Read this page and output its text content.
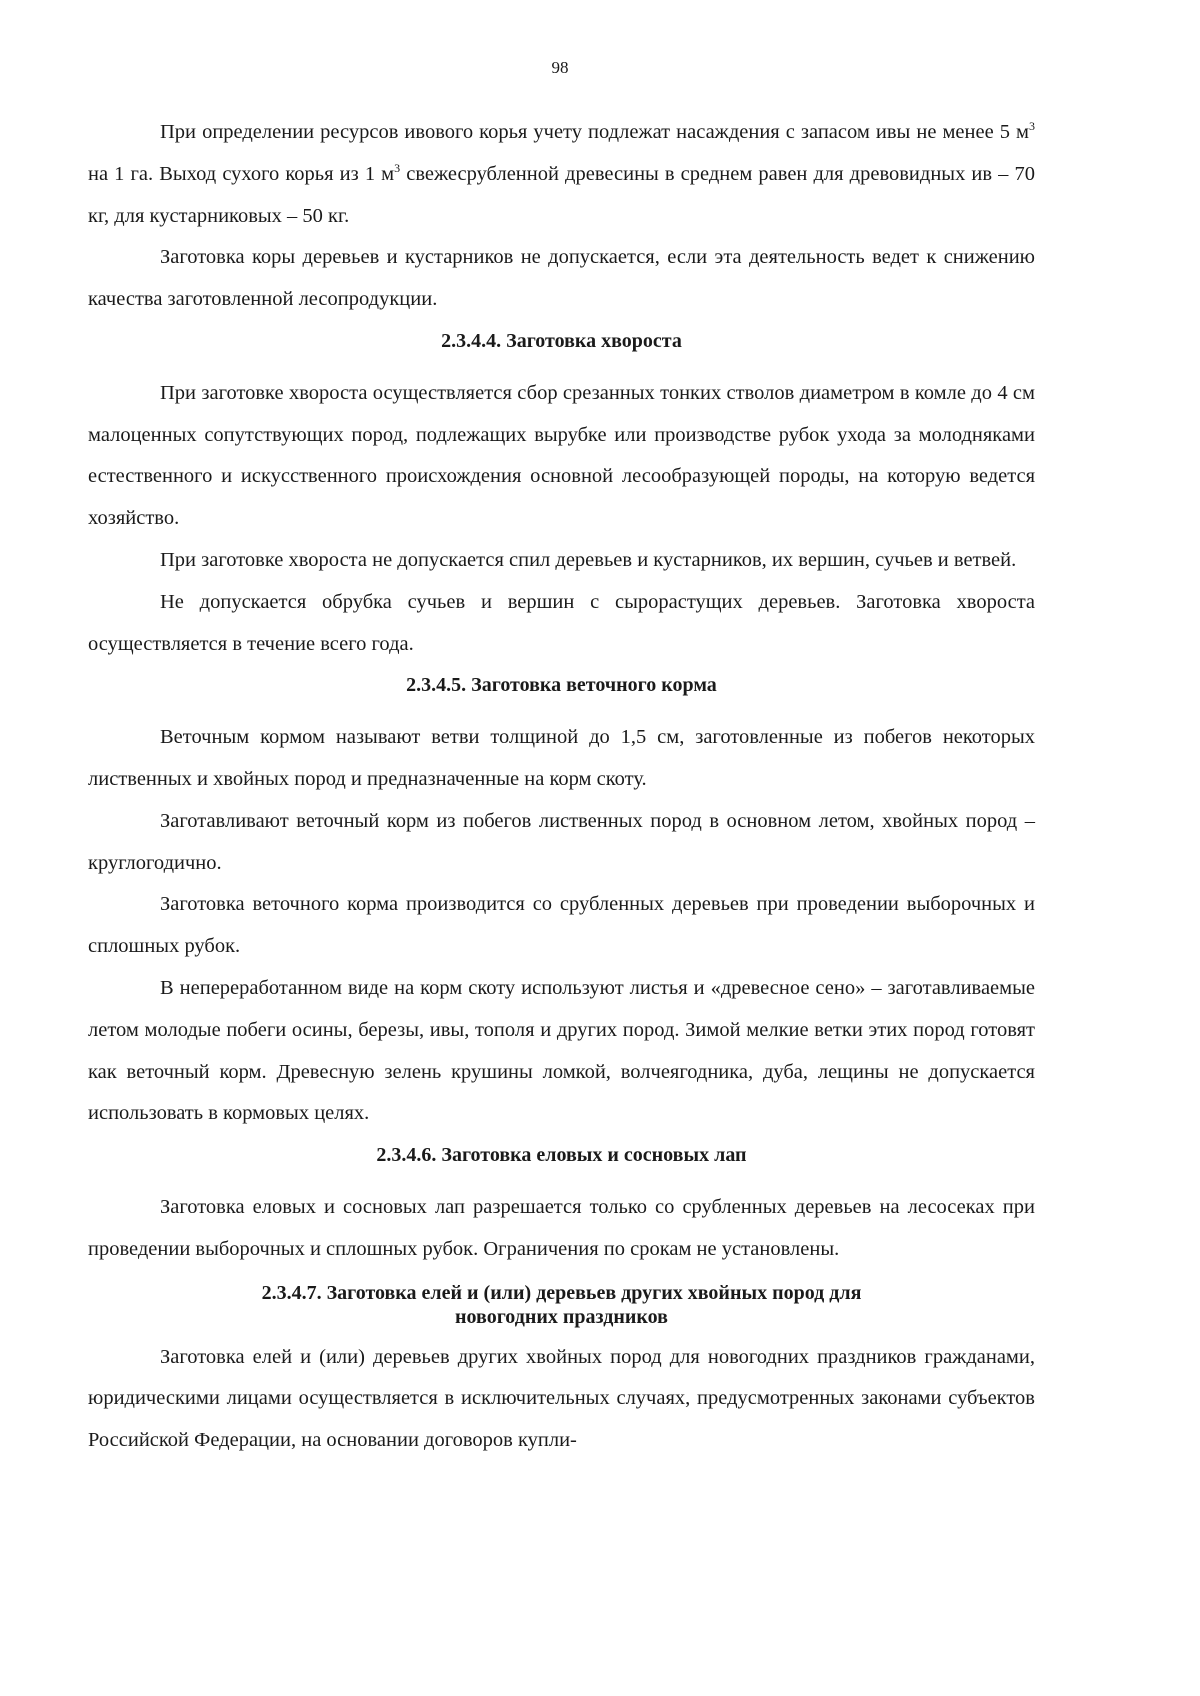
98

При определении ресурсов ивового корья учету подлежат насаждения с запасом ивы не менее 5 $м^3$ на 1 га. Выход сухого корья из 1 $м^3$ свежесрубленной древесины в среднем равен для древовидных ив – 70 кг, для кустарниковых – 50 кг.

Заготовка коры деревьев и кустарников не допускается, если эта деятельность ведет к снижению качества заготовленной лесопродукции.

2.3.4.4. Заготовка хвороста

При заготовке хвороста осуществляется сбор срезанных тонких стволов диаметром в комле до 4 см малоценных сопутствующих пород, подлежащих вырубке или производстве рубок ухода за молодняками естественного и искусственного происхождения основной лесообразующей породы, на которую ведется хозяйство.

При заготовке хвороста не допускается спил деревьев и кустарников, их вершин, сучьев и ветвей.

Не допускается обрубка сучьев и вершин с сырорастущих деревьев. Заготовка хвороста осуществляется в течение всего года.

2.3.4.5. Заготовка веточного корма

Веточным кормом называют ветви толщиной до 1,5 см, заготовленные из побегов некоторых лиственных и хвойных пород и предназначенные на корм скоту.

Заготавливают веточный корм из побегов лиственных пород в основном летом, хвойных пород – круглогодично.

Заготовка веточного корма производится со срубленных деревьев при проведении выборочных и сплошных рубок.

В непереработанном виде на корм скоту используют листья и «древесное сено» – заготавливаемые летом молодые побеги осины, березы, ивы, тополя и других пород. Зимой мелкие ветки этих пород готовят как веточный корм. Древесную зелень крушины ломкой, волчеягодника, дуба, лещины не допускается использовать в кормовых целях.

2.3.4.6. Заготовка еловых и сосновых лап

Заготовка еловых и сосновых лап разрешается только со срубленных деревьев на лесосеках при проведении выборочных и сплошных рубок. Ограничения по срокам не установлены.

2.3.4.7. Заготовка елей и (или) деревьев других хвойных пород для
новогодних праздников

Заготовка елей и (или) деревьев других хвойных пород для новогодних праздников гражданами, юридическими лицами осуществляется в исключительных случаях, предусмотренных законами субъектов Российской Федерации, на основании договоров купли-
